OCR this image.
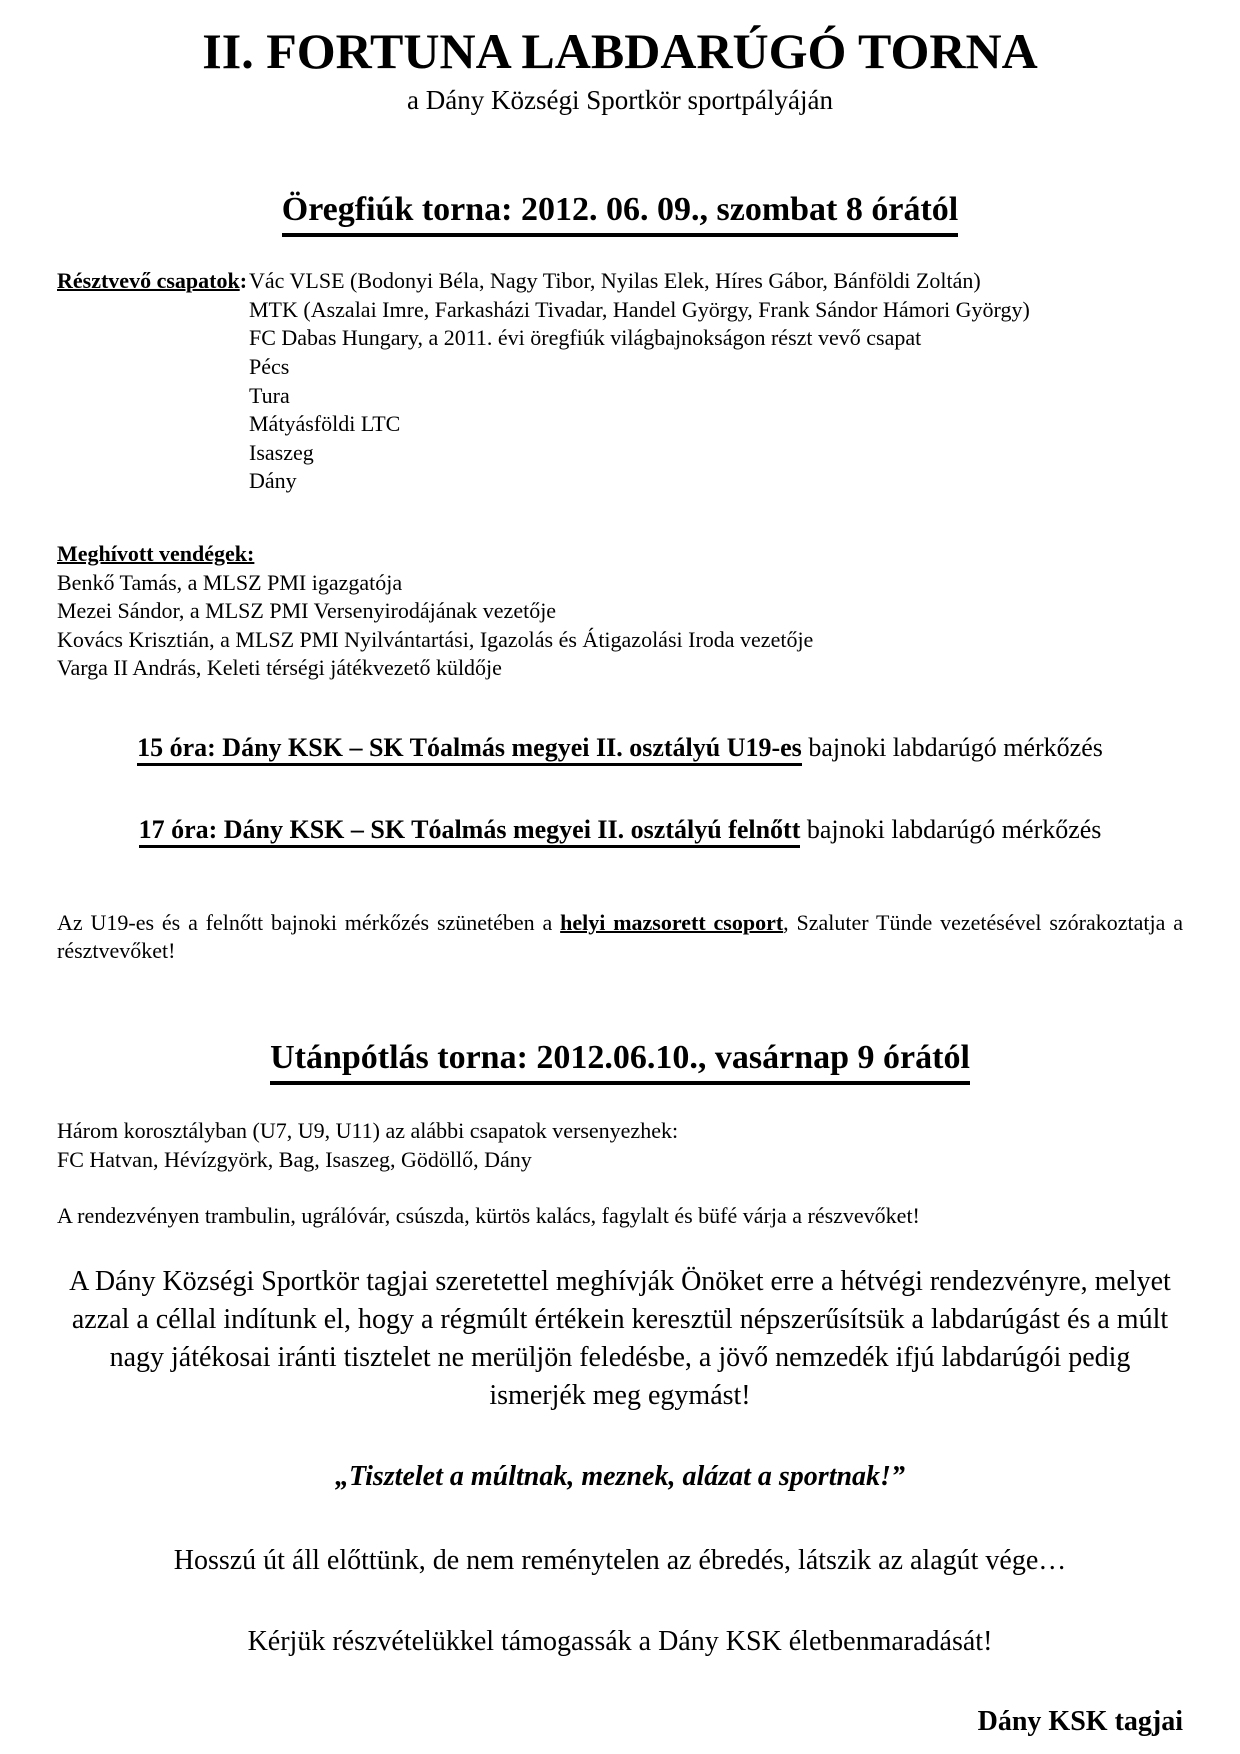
II. FORTUNA LABDARÚGÓ TORNA
a Dány Községi Sportkör sportpályáján
Öregfiúk torna: 2012. 06. 09., szombat 8 órától
Résztvevő csapatok: Vác VLSE (Bodonyi Béla, Nagy Tibor, Nyilas Elek, Híres Gábor, Bánföldi Zoltán)
MTK (Aszalai Imre, Farkasházi Tivadar, Handel György, Frank Sándor Hámori György)
FC Dabas Hungary, a 2011. évi öregfiúk világbajnokságon részt vevő csapat
Pécs
Tura
Mátyásföldi LTC
Isaszeg
Dány
Meghívott vendégek:
Benkő Tamás, a MLSZ PMI igazgatója
Mezei Sándor, a MLSZ PMI Versenyirodájának vezetője
Kovács Krisztián, a MLSZ PMI Nyilvántartási, Igazolás és Átigazolási Iroda vezetője
Varga II András, Keleti térségi játékvezető küldője
15 óra: Dány KSK – SK Tóalmás megyei II. osztályú U19-es bajnoki labdarúgó mérkőzés
17 óra: Dány KSK – SK Tóalmás megyei II. osztályú felnőtt bajnoki labdarúgó mérkőzés
Az U19-es és a felnőtt bajnoki mérkőzés szünetében a helyi mazsorett csoport, Szaluter Tünde vezetésével szórakoztatja a résztvevőket!
Utánpótlás torna: 2012.06.10., vasárnap 9 órától
Három korosztályban (U7, U9, U11) az alábbi csapatok versenyezhek:
FC Hatvan, Hévízgyörk, Bag, Isaszeg, Gödöllő, Dány
A rendezvényen trambulin, ugrálóvár, csúszda, kürtös kalács, fagylalt és büfé várja a részvevőket!
A Dány Községi Sportkör tagjai szeretettel meghívják Önöket erre a hétvégi rendezvényre, melyet azzal a céllal indítunk el, hogy a régmúlt értékein keresztül népszerűsítsük a labdarúgást és a múlt nagy játékosai iránti tisztelet ne merüljön feledésbe, a jövő nemzedék ifjú labdarúgói pedig ismerjék meg egymást!
„Tisztelet a múltnak, meznek, alázat a sportnak!”
Hosszú út áll előttünk, de nem reménytelen az ébredés, látszik az alagút vége…
Kérjük részvételükkel támogassák a Dány KSK életbenmaradását!
Dány KSK tagjai
